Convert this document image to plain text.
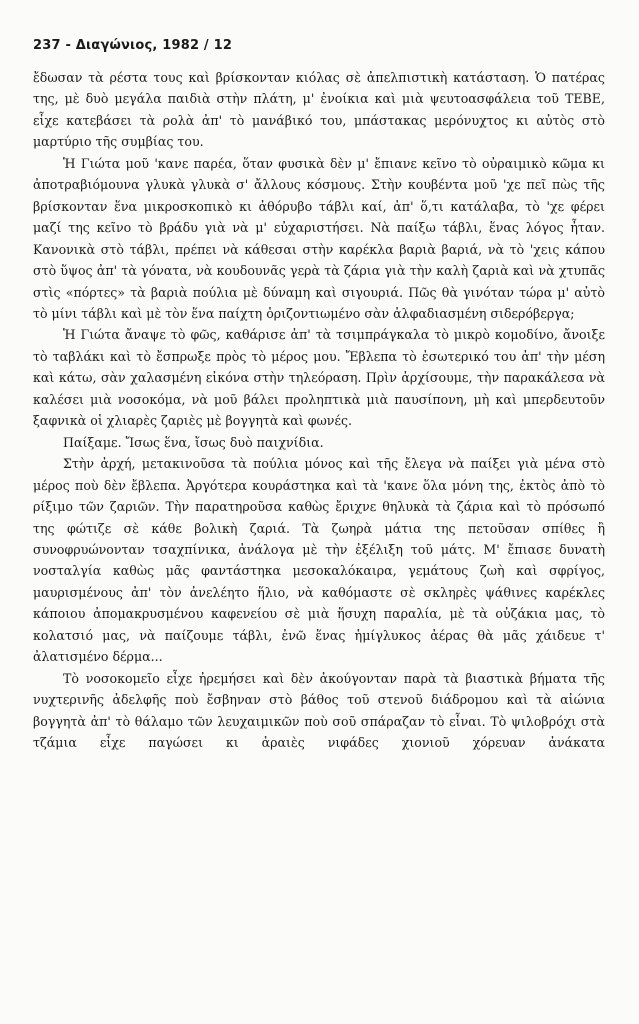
237 - Διαγώνιος, 1982 / 12

ἔδωσαν τὰ ρέστα τους καὶ βρίσκονταν κιόλας σὲ ἀπελπιστικὴ κατάσταση. Ὁ πατέρας της, μὲ δυὸ μεγάλα παιδιὰ στὴν πλάτη, μ' ἐνοίκια καὶ μιὰ ψευτοασφάλεια τοῦ ΤΕΒΕ, εἶχε κατεβάσει τὰ ρολὰ ἀπ' τὸ μανάβικό του, μπάστακας μερόνυχτος κι αὐτὸς στὸ μαρτύριο τῆς συμβίας του.

Ἡ Γιώτα μοῦ 'κανε παρέα, ὅταν φυσικὰ δὲν μ' ἔπιανε κεῖνο τὸ οὐραιμικὸ κῶμα κι ἀποτραβιόμουνα γλυκὰ γλυκὰ σ' ἄλλους κόσμους. Στὴν κουβέντα μοῦ 'χε πεῖ πὼς τῆς βρίσκονταν ἕνα μικροσκοπικὸ κι ἀθόρυβο τάβλι καί, ἀπ' ὅ,τι κατάλαβα, τὸ 'χε φέρει μαζί της κεῖνο τὸ βράδυ γιὰ νὰ μ' εὐχαριστήσει. Νὰ παίξω τάβλι, ἕνας λόγος ἦταν. Κανονικὰ στὸ τάβλι, πρέπει νὰ κάθεσαι στὴν καρέκλα βαριὰ βαριά, νὰ τὸ 'χεις κάπου στὸ ὕψος ἀπ' τὰ γόνατα, νὰ κουδουνᾶς γερὰ τὰ ζάρια γιὰ τὴν καλὴ ζαριὰ καὶ νὰ χτυπᾶς στὶς «πόρτες» τὰ βαριὰ πούλια μὲ δύναμη καὶ σιγουριά. Πῶς θὰ γινόταν τώρα μ' αὐτὸ τὸ μίνι τάβλι καὶ μὲ τὸν ἕνα παίχτη ὁριζοντιωμένο σὰν ἀλφαδιασμένη σιδερόβεργα;

Ἡ Γιώτα ἄναψε τὸ φῶς, καθάρισε ἀπ' τὰ τσιμπράγκαλα τὸ μικρὸ κομοδίνο, ἄνοιξε τὸ ταβλάκι καὶ τὸ ἔσπρωξε πρὸς τὸ μέρος μου. Ἔβλεπα τὸ ἐσωτερικό του ἀπ' τὴν μέση καὶ κάτω, σὰν χαλασμένη εἰκόνα στὴν τηλεόραση. Πρὶν ἀρχίσουμε, τὴν παρακάλεσα νὰ καλέσει μιὰ νοσοκόμα, νὰ μοῦ βάλει προληπτικὰ μιὰ παυσίπονη, μὴ καὶ μπερδευτοῦν ξαφνικὰ οἱ χλιαρὲς ζαριὲς μὲ βογγητὰ καὶ φωνές.

Παίξαμε. Ἴσως ἕνα, ἴσως δυὸ παιχνίδια.

Στὴν ἀρχή, μετακινοῦσα τὰ πούλια μόνος καὶ τῆς ἔλεγα νὰ παίξει γιὰ μένα στὸ μέρος ποὺ δὲν ἔβλεπα. Ἀργότερα κουράστηκα καὶ τὰ 'κανε ὅλα μόνη της, ἐκτὸς ἀπὸ τὸ ρίξιμο τῶν ζαριῶν. Τὴν παρατηροῦσα καθὼς ἔριχνε θηλυκὰ τὰ ζάρια καὶ τὸ πρόσωπό της φώτιζε σὲ κάθε βολικὴ ζαριά. Τὰ ζωηρὰ μάτια της πετοῦσαν σπίθες ἢ συνοφρυώνονταν τσαχπίνικα, ἀνάλογα μὲ τὴν ἐξέλιξη τοῦ μάτς. Μ' ἔπιασε δυνατὴ νοσταλγία καθὼς μᾶς φαντάστηκα μεσοκαλόκαιρα, γεμάτους ζωὴ καὶ σφρίγος, μαυρισμένους ἀπ' τὸν ἀνελέητο ἥλιο, νὰ καθόμαστε σὲ σκληρὲς ψάθινες καρέκλες κάποιου ἀπομακρυσμένου καφενείου σὲ μιὰ ἥσυχη παραλία, μὲ τὰ οὐζάκια μας, τὸ κολατσιό μας, νὰ παίζουμε τάβλι, ἐνῶ ἕνας ἡμίγλυκος ἀέρας θὰ μᾶς χάιδευε τ' ἀλατισμένο δέρμα...

Τὸ νοσοκομεῖο εἶχε ἠρεμήσει καὶ δὲν ἀκούγονταν παρὰ τὰ βιαστικὰ βήματα τῆς νυχτερινῆς ἀδελφῆς ποὺ ἔσβηναν στὸ βάθος τοῦ στενοῦ διάδρομου καὶ τὰ αἰώνια βογγητὰ ἀπ' τὸ θάλαμο τῶν λευχαιμικῶν ποὺ σοῦ σπάραζαν τὸ εἶναι. Τὸ ψιλοβρόχι στὰ τζάμια εἶχε παγώσει κι ἀραιὲς νιφάδες χιονιοῦ χόρευαν ἀνάκατα
